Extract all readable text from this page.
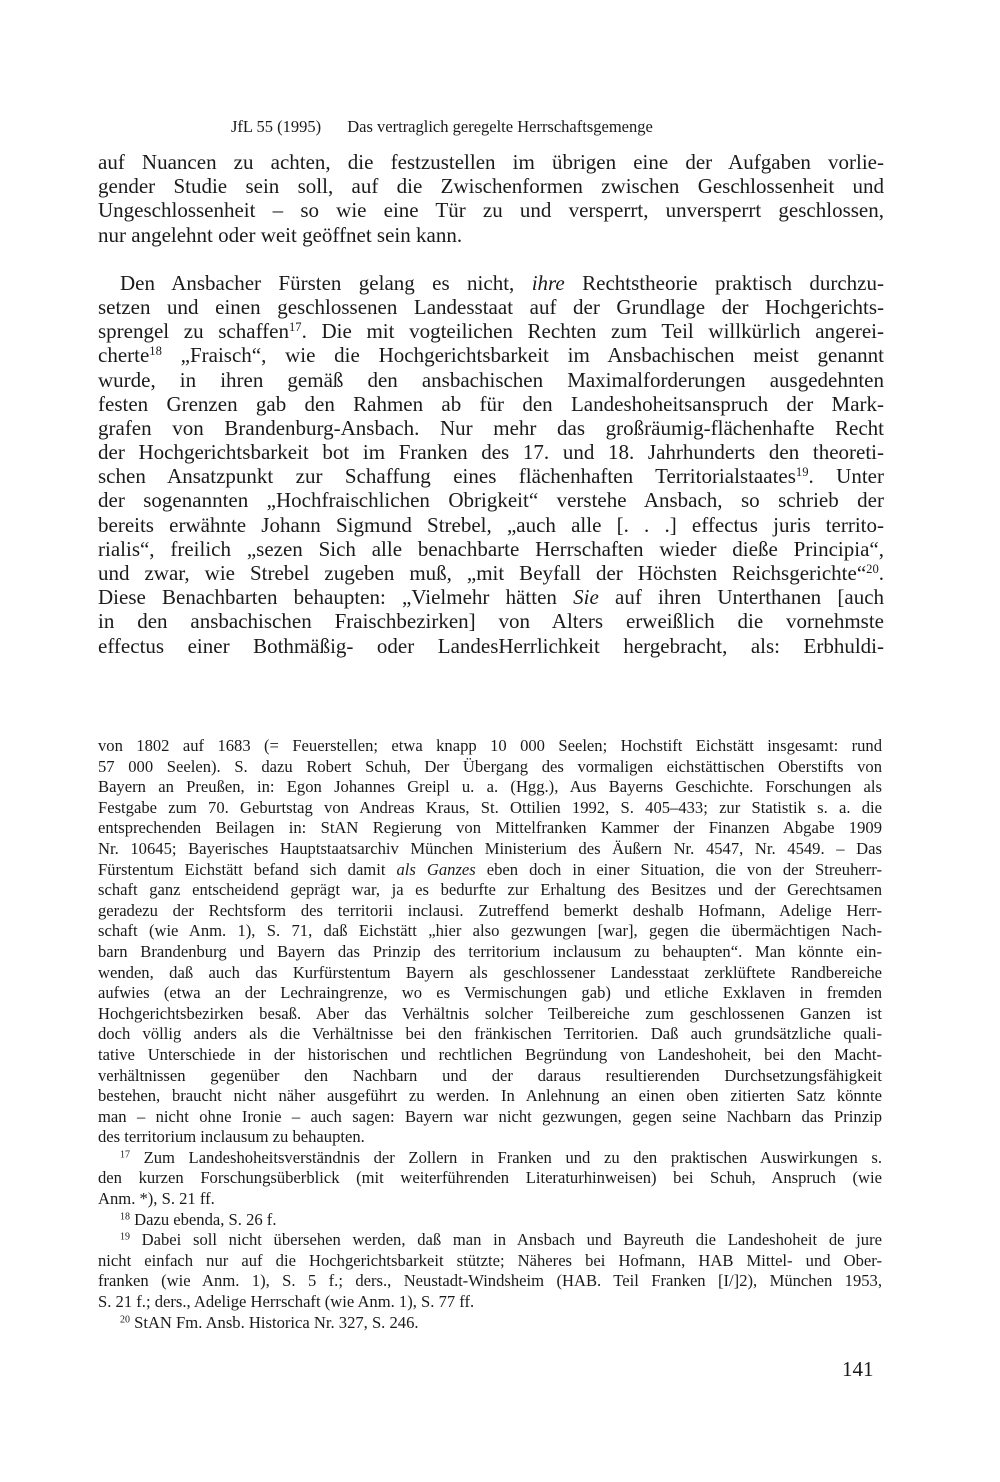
JfL 55 (1995) Das vertraglich geregelte Herrschaftsgemenge
auf Nuancen zu achten, die festzustellen im übrigen eine der Aufgaben vorlie-
gender Studie sein soll, auf die Zwischenformen zwischen Geschlossenheit und
Ungeschlossenheit – so wie eine Tür zu und versperrt, unversperrt geschlossen,
nur angelehnt oder weit geöffnet sein kann.
Den Ansbacher Fürsten gelang es nicht, ihre Rechtstheorie praktisch durchzu-
setzen und einen geschlossenen Landesstaat auf der Grundlage der Hochgerichts-
sprengel zu schaffen$^{17}$. Die mit vogteilichen Rechten zum Teil willkürlich angerei-
cherte$^{18}$ „Fraisch“, wie die Hochgerichtsbarkeit im Ansbachischen meist genannt
wurde, in ihren gemäß den ansbachischen Maximalforderungen ausgedehnten
festen Grenzen gab den Rahmen ab für den Landeshoheitsanspruch der Mark-
grafen von Brandenburg-Ansbach. Nur mehr das großräumig-flächenhafte Recht
der Hochgerichtsbarkeit bot im Franken des 17. und 18. Jahrhunderts den theoreti-
schen Ansatzpunkt zur Schaffung eines flächenhaften Territorialstaates$^{19}$. Unter
der sogenannten „Hochfraischlichen Obrigkeit“ verstehe Ansbach, so schrieb der
bereits erwähnte Johann Sigmund Strebel, „auch alle [. . .] effectus juris territo-
rialis“, freilich „sezen Sich alle benachbarte Herrschaften wieder dieße Principia“,
und zwar, wie Strebel zugeben muß, „mit Beyfall der Höchsten Reichsgerichte“$^{20}$.
Diese Benachbarten behaupten: „Vielmehr hätten Sie auf ihren Unterthanen [auch
in den ansbachischen Fraischbezirken] von Alters erweißlich die vornehmste
effectus einer Bothmäßig- oder LandesHerrlichkeit hergebracht, als: Erbhuldi-
von 1802 auf 1683 (= Feuerstellen; etwa knapp 10 000 Seelen; Hochstift Eichstätt insgesamt: rund
57 000 Seelen). S. dazu Robert Schuh, Der Übergang des vormaligen eichstättischen Oberstifts von
Bayern an Preußen, in: Egon Johannes Greipl u. a. (Hgg.), Aus Bayerns Geschichte. Forschungen als
Festgabe zum 70. Geburtstag von Andreas Kraus, St. Ottilien 1992, S. 405–433; zur Statistik s. a. die
entsprechenden Beilagen in: StAN Regierung von Mittelfranken Kammer der Finanzen Abgabe 1909
Nr. 10645; Bayerisches Hauptstaatsarchiv München Ministerium des Äußern Nr. 4547, Nr. 4549. – Das
Fürstentum Eichstätt befand sich damit als Ganzes eben doch in einer Situation, die von der Streuherr-
schaft ganz entscheidend geprägt war, ja es bedurfte zur Erhaltung des Besitzes und der Gerechtsamen
geradezu der Rechtsform des territorii inclausi. Zutreffend bemerkt deshalb Hofmann, Adelige Herr-
schaft (wie Anm. 1), S. 71, daß Eichstätt „hier also gezwungen [war], gegen die übermächtigen Nach-
barn Brandenburg und Bayern das Prinzip des territorium inclausum zu behaupten“. Man könnte ein-
wenden, daß auch das Kurfürstentum Bayern als geschlossener Landesstaat zerklüftete Randbereiche
aufwies (etwa an der Lechraingrenze, wo es Vermischungen gab) und etliche Exklaven in fremden
Hochgerichtsbezirken besaß. Aber das Verhältnis solcher Teilbereiche zum geschlossenen Ganzen ist
doch völlig anders als die Verhältnisse bei den fränkischen Territorien. Daß auch grundsätzliche quali-
tative Unterschiede in der historischen und rechtlichen Begründung von Landeshoheit, bei den Macht-
verhältnissen gegenüber den Nachbarn und der daraus resultierenden Durchsetzungsfähigkeit
bestehen, braucht nicht näher ausgeführt zu werden. In Anlehnung an einen oben zitierten Satz könnte
man – nicht ohne Ironie – auch sagen: Bayern war nicht gezwungen, gegen seine Nachbarn das Prinzip
des territorium inclausum zu behaupten.
$^{17}$ Zum Landeshoheitsverständnis der Zollern in Franken und zu den praktischen Auswirkungen s.
den kurzen Forschungsüberblick (mit weiterführenden Literaturhinweisen) bei Schuh, Anspruch (wie
Anm. *), S. 21 ff.
$^{18}$ Dazu ebenda, S. 26 f.
$^{19}$ Dabei soll nicht übersehen werden, daß man in Ansbach und Bayreuth die Landeshoheit de jure
nicht einfach nur auf die Hochgerichtsbarkeit stützte; Näheres bei Hofmann, HAB Mittel- und Ober-
franken (wie Anm. 1), S. 5 f.; ders., Neustadt-Windsheim (HAB. Teil Franken [I/]2), München 1953,
S. 21 f.; ders., Adelige Herrschaft (wie Anm. 1), S. 77 ff.
$^{20}$ StAN Fm. Ansb. Historica Nr. 327, S. 246.
141
